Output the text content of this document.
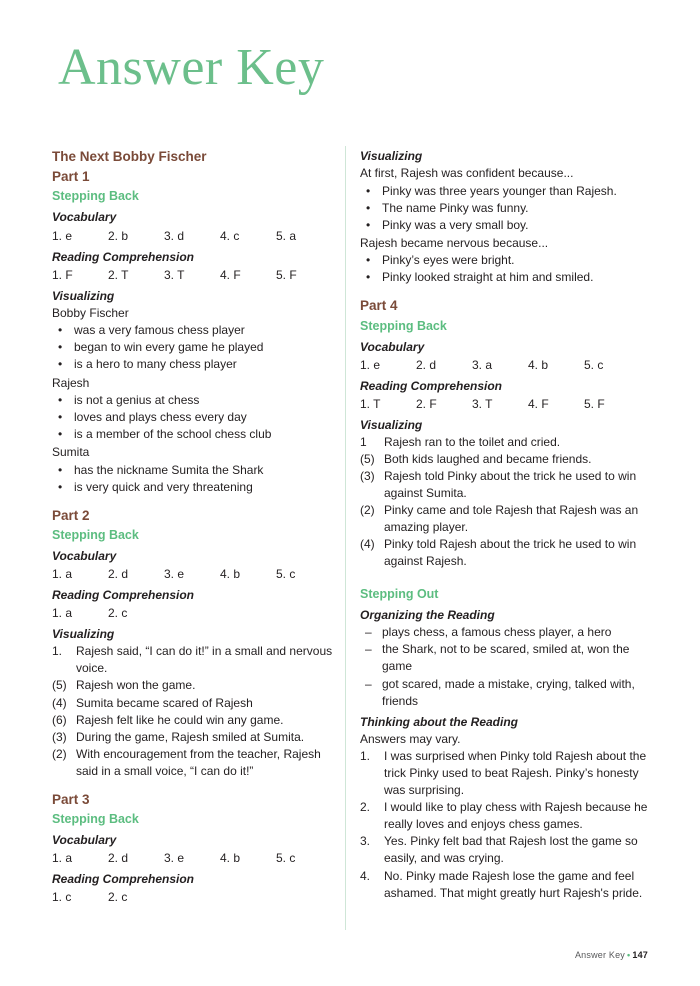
Answer Key
The Next Bobby Fischer
Part 1
Stepping Back
Vocabulary
1. e	2. b	3. d	4. c	5. a
Reading Comprehension
1. F	2. T	3. T	4. F	5. F
Visualizing
Bobby Fischer
• was a very famous chess player
• began to win every game he played
• is a hero to many chess player
Rajesh
• is not a genius at chess
• loves and plays chess every day
• is a member of the school chess club
Sumita
• has the nickname Sumita the Shark
• is very quick and very threatening
Part 2
Stepping Back
Vocabulary
1. a	2. d	3. e	4. b	5. c
Reading Comprehension
1. a	2. c
Visualizing
1.	Rajesh said, “I can do it!” in a small and nervous voice.
(5) Rajesh won the game.
(4) Sumita became scared of Rajesh
(6) Rajesh felt like he could win any game.
(3) During the game, Rajesh smiled at Sumita.
(2) With encouragement from the teacher, Rajesh said in a small voice, “I can do it!”
Part 3
Stepping Back
Vocabulary
1. a	2. d	3. e	4. b	5. c
Reading Comprehension
1. c	2. c
Visualizing
At first, Rajesh was confident because...
• Pinky was three years younger than Rajesh.
• The name Pinky was funny.
• Pinky was a very small boy.
Rajesh became nervous because...
• Pinky’s eyes were bright.
• Pinky looked straight at him and smiled.
Part 4
Stepping Back
Vocabulary
1. e	2. d	3. a	4. b	5. c
Reading Comprehension
1. T	2. F	3. T	4. F	5. F
Visualizing
1	Rajesh ran to the toilet and cried.
(5) Both kids laughed and became friends.
(3) Rajesh told Pinky about the trick he used to win against Sumita.
(2) Pinky came and tole Rajesh that Rajesh was an amazing player.
(4) Pinky told Rajesh about the trick he used to win against Rajesh.
Stepping Out
Organizing the Reading
– plays chess, a famous chess player, a hero
– the Shark, not to be scared, smiled at, won the game
– got scared, made a mistake, crying, talked with, friends
Thinking about the Reading
Answers may vary.
1.	I was surprised when Pinky told Rajesh about the trick Pinky used to beat Rajesh. Pinky’s honesty was surprising.
2.	I would like to play chess with Rajesh because he really loves and enjoys chess games.
3.	Yes. Pinky felt bad that Rajesh lost the game so easily, and was crying.
4.	No. Pinky made Rajesh lose the game and feel ashamed. That might greatly hurt Rajesh's pride.
Answer Key • 147
